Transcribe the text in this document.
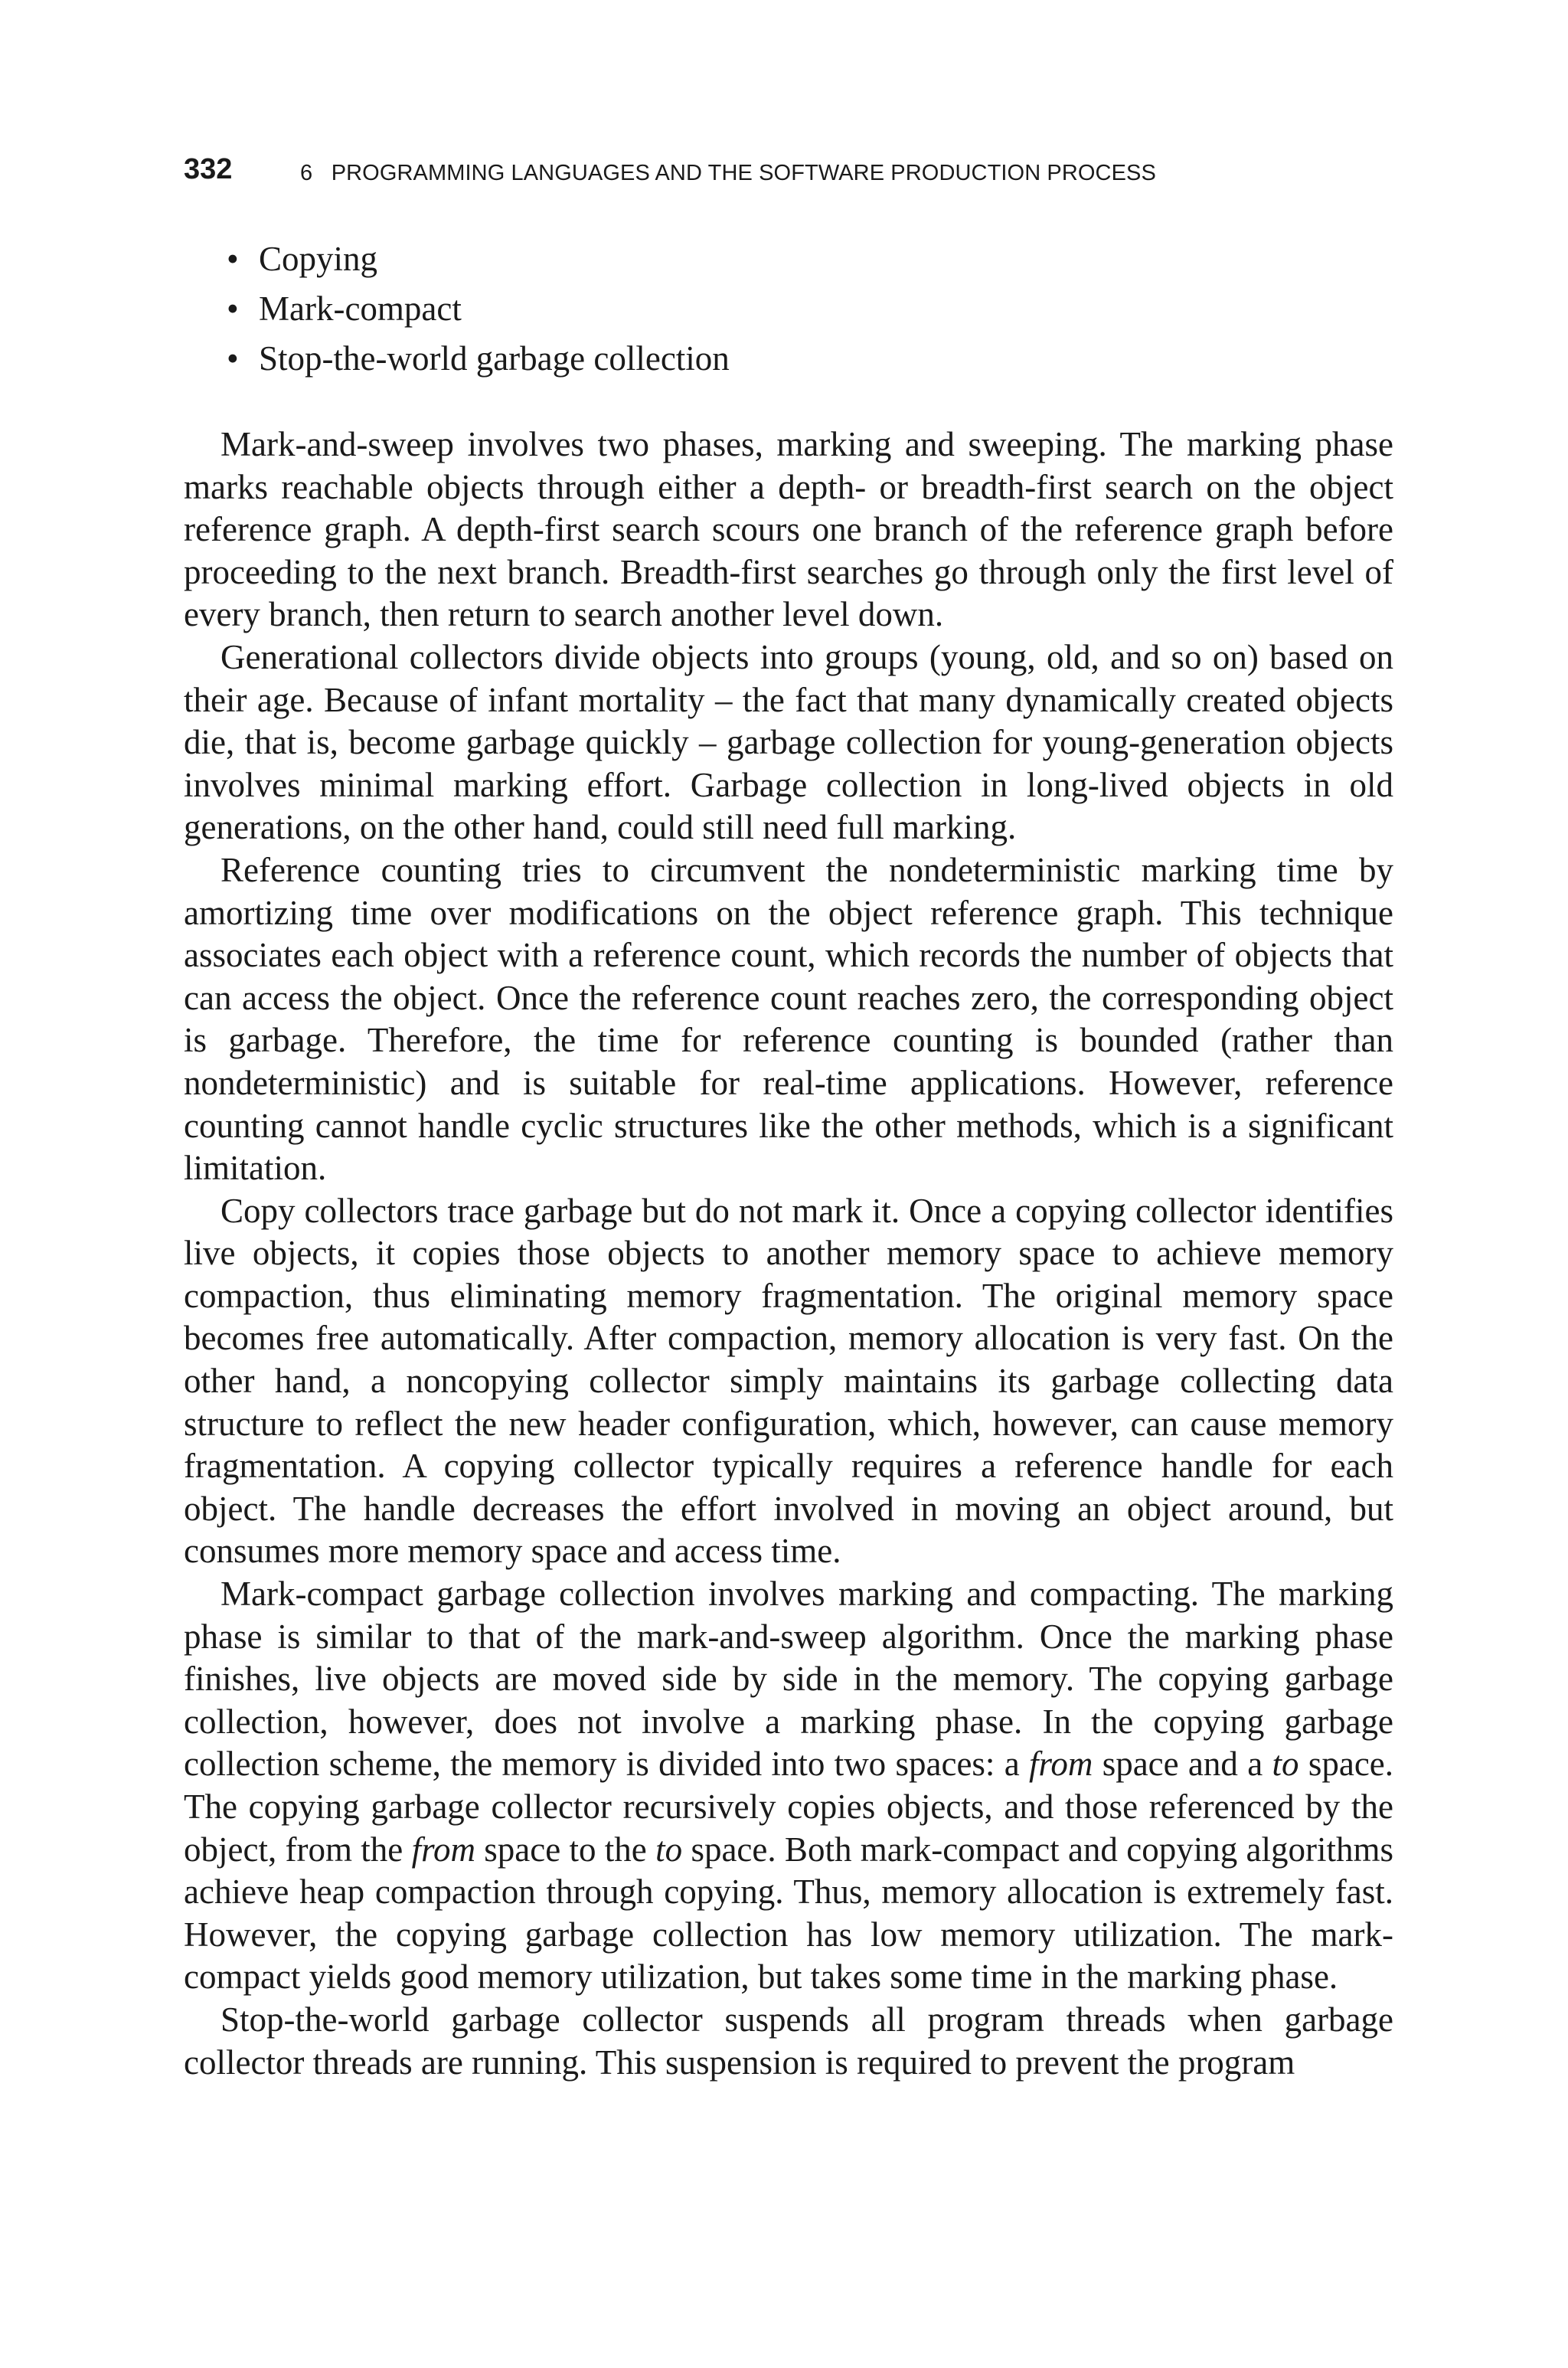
332	6   PROGRAMMING LANGUAGES AND THE SOFTWARE PRODUCTION PROCESS
• Copying
• Mark-compact
• Stop-the-world garbage collection

Mark-and-sweep involves two phases, marking and sweeping. The marking phase marks reachable objects through either a depth- or breadth-first search on the object reference graph. A depth-first search scours one branch of the reference graph before proceeding to the next branch. Breadth-first searches go through only the first level of every branch, then return to search another level down.

Generational collectors divide objects into groups (young, old, and so on) based on their age. Because of infant mortality – the fact that many dynamically created objects die, that is, become garbage quickly – garbage collection for young-generation objects involves minimal marking effort. Garbage collection in long-lived objects in old generations, on the other hand, could still need full marking.

Reference counting tries to circumvent the nondeterministic marking time by amortizing time over modifications on the object reference graph. This technique associates each object with a reference count, which records the number of objects that can access the object. Once the reference count reaches zero, the corresponding object is garbage. Therefore, the time for reference counting is bounded (rather than nondeterministic) and is suitable for real-time applications. However, reference counting cannot handle cyclic structures like the other methods, which is a significant limitation.

Copy collectors trace garbage but do not mark it. Once a copying collector identifies live objects, it copies those objects to another memory space to achieve memory compaction, thus eliminating memory fragmentation. The original memory space becomes free automatically. After compaction, memory allocation is very fast. On the other hand, a noncopying collector simply maintains its garbage collecting data structure to reflect the new header configuration, which, however, can cause memory fragmentation. A copying collector typically requires a reference handle for each object. The handle decreases the effort involved in moving an object around, but consumes more memory space and access time.

Mark-compact garbage collection involves marking and compacting. The marking phase is similar to that of the mark-and-sweep algorithm. Once the marking phase finishes, live objects are moved side by side in the memory. The copying garbage collection, however, does not involve a marking phase. In the copying garbage collection scheme, the memory is divided into two spaces: a from space and a to space. The copying garbage collector recursively copies objects, and those referenced by the object, from the from space to the to space. Both mark-compact and copying algorithms achieve heap compaction through copying. Thus, memory allocation is extremely fast. However, the copying garbage collection has low memory utilization. The mark-compact yields good memory utilization, but takes some time in the marking phase.

Stop-the-world garbage collector suspends all program threads when garbage collector threads are running. This suspension is required to prevent the program
